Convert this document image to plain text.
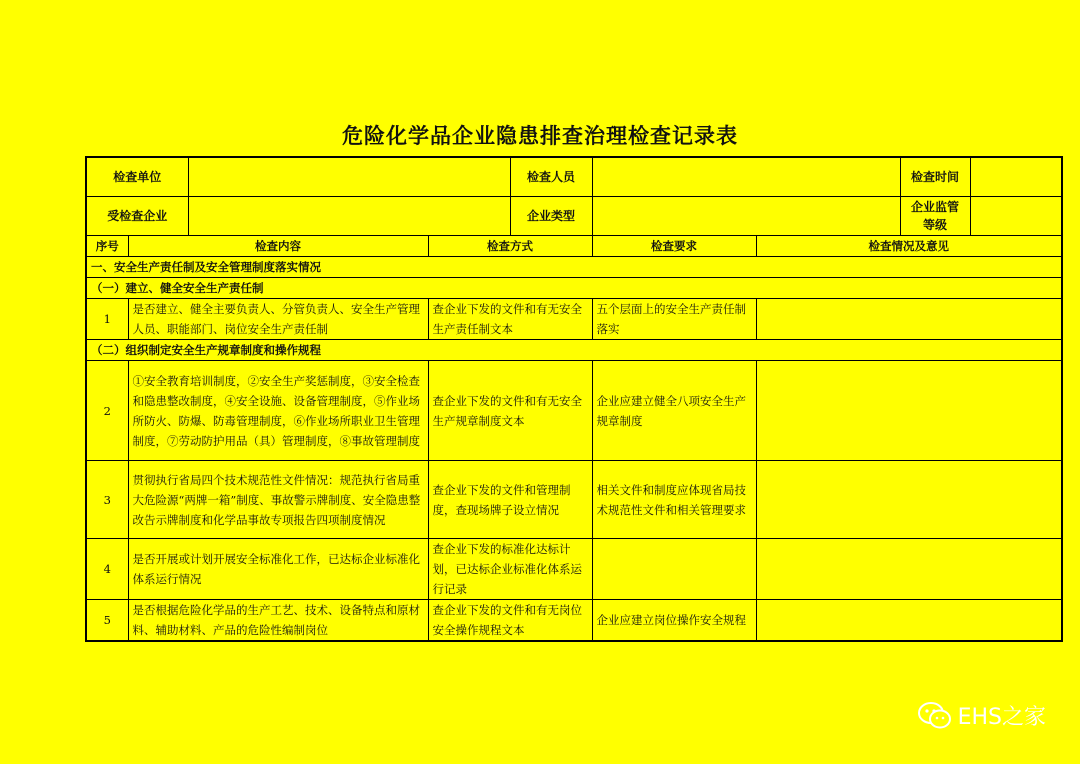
危险化学品企业隐患排查治理检查记录表
检查单位				检查人员			检查时间	
受检查企业				企业类型			企业监管
等级	
序号	检查内容		检查方式		检查要求	检查情况及意见		
一、安全生产责任制及安全管理制度落实情况								
（一）建立、健全安全生产责任制								
1	是否建立、健全主要负责人、分管负责人、安全生产管理人员、职能部门、岗位安全生产责任制		查企业下发的文件和有无安全生产责任制文本		五个层面上的安全生产责任制落实			
（二）组织制定安全生产规章制度和操作规程								
2	①安全教育培训制度，②安全生产奖惩制度，③安全检查和隐患整改制度，④安全设施、设备管理制度，⑤作业场所防火、防爆、防毒管理制度，⑥作业场所职业卫生管理制度，⑦劳动防护用品（具）管理制度，⑧事故管理制度		查企业下发的文件和有无安全生产规章制度文本		企业应建立健全八项安全生产规章制度			
3	贯彻执行省局四个技术规范性文件情况：规范执行省局重大危险源“两牌一箱”制度、事故警示牌制度、安全隐患整改告示牌制度和化学品事故专项报告四项制度情况		查企业下发的文件和管理制度，查现场牌子设立情况		相关文件和制度应体现省局技术规范性文件和相关管理要求			
4	是否开展或计划开展安全标准化工作，已达标企业标准化体系运行情况		查企业下发的标准化达标计划，已达标企业标准化体系运行记录					
5	是否根据危险化学品的生产工艺、技术、设备特点和原材料、辅助材料、产品的危险性编制岗位		查企业下发的文件和有无岗位安全操作规程文本		企业应建立岗位操作安全规程			
EHS之家
